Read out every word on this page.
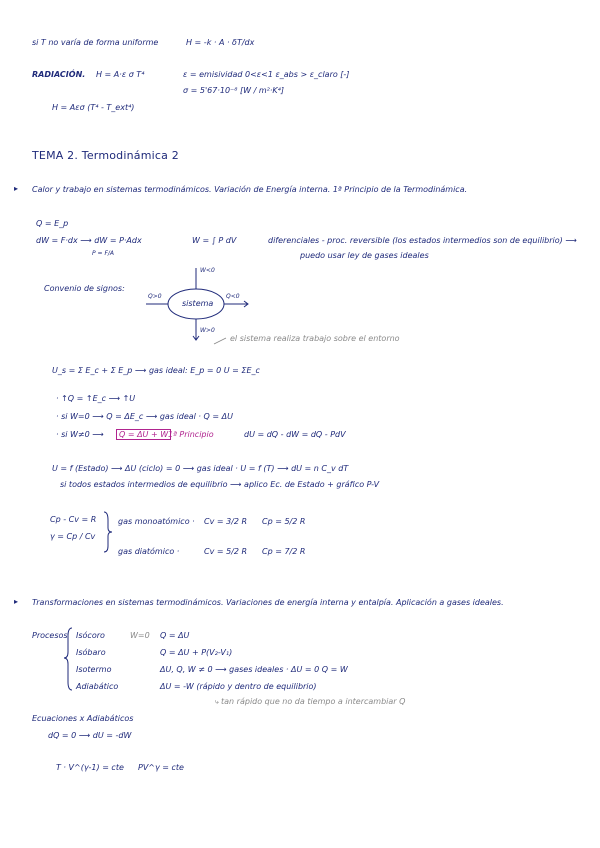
si T no varía de forma uniforme	H = -k · A · δT/dx
RADIACIÓN. H = A·ε σ T⁴	ε = emisividad 0<ε<1 ε_abs > ε_claro [-]
σ = 5'67·10⁻⁸ [W / m²·K⁴]
H = Aεσ (T⁴ - T_ext⁴)
TEMA 2. Termodinámica 2
▸ Calor y trabajo en sistemas termodinámicos. Variación de Energía interna. 1ª Principio de la Termodinámica.
Q = E_p
dW = F·dx ⟶ dW = P·Adx
P = F/A
W = ∫ P dV	diferenciales - proc. reversible (los estados intermedios son de equilibrio) ⟶
puedo usar ley de gases ideales
Convenio de signos:
sistema
W<0
Q>0	Q<0
W>0
el sistema realiza trabajo sobre el entorno
U_s = Σ E_c + Σ E_p ⟶ gas ideal: E_p = 0 U = ΣE_c
· ↑Q = ↑E_c ⟶ ↑U
· si W=0 ⟶ Q = ΔE_c ⟶ gas ideal · Q = ΔU
· si W≠0 ⟶	Q = ΔU + W 1ª Principio	dU = dQ - dW = dQ - PdV
U = f (Estado) ⟶ ΔU (ciclo) = 0 ⟶ gas ideal · U = f (T) ⟶ dU = n C_v dT
si todos estados intermedios de equilibrio ⟶ aplico Ec. de Estado + gráfico P-V
Cp - Cv = R
γ = Cp / Cv
gas monoatómico · Cv = 3/2 R Cp = 5/2 R
gas diatómico ·	Cv = 5/2 R Cp = 7/2 R
▸ Transformaciones en sistemas termodinámicos. Variaciones de energía interna y entalpía. Aplicación a gases ideales.
Procesos Isócoro	W=0 Q = ΔU
Isóbaro	Q = ΔU + P(V₂-V₁)
Isotermo	ΔU, Q, W ≠ 0 ⟶ gases ideales · ΔU = 0 Q = W
Adiabático	ΔU = -W (rápido y dentro de equilibrio)
⤷ tan rápido que no da tiempo a intercambiar Q
Ecuaciones x Adiabáticos
dQ = 0 ⟶ dU = -dW
T · V^(γ-1) = cte PV^γ = cte
